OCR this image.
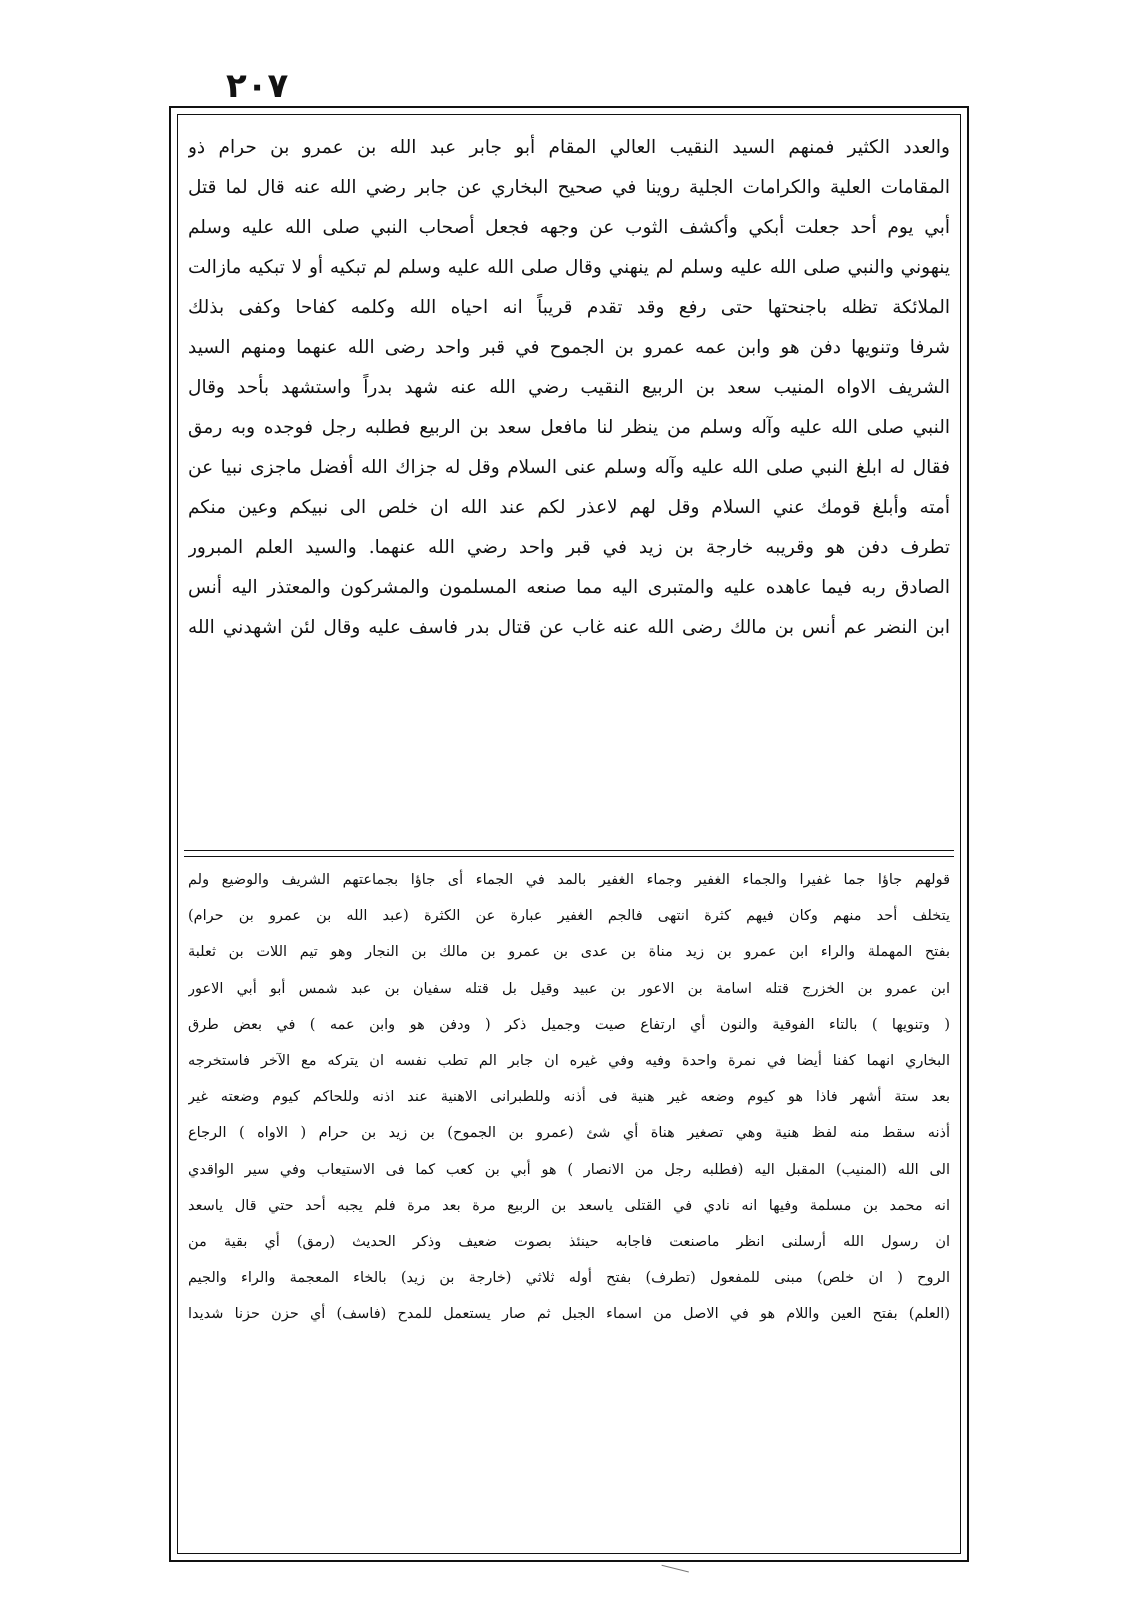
٢٠٧
والعدد الكثير فمنهم السيد النقيب العالي المقام أبو جابر عبد الله بن عمرو بن حرام ذو
المقامات العلية والكرامات الجلية روينا في صحيح البخاري عن جابر رضي الله عنه قال لما قتل
أبي يوم أحد جعلت أبكي وأكشف الثوب عن وجهه فجعل أصحاب النبي صلى الله عليه وسلم
ينهوني والنبي صلى الله عليه وسلم لم ينهني وقال صلى الله عليه وسلم لم تبكيه أو لا تبكيه مازالت
الملائكة تظله باجنحتها حتى رفع وقد تقدم قريباً انه احياه الله وكلمه كفاحا وكفى بذلك
شرفا وتنويها دفن هو وابن عمه عمرو بن الجموح في قبر واحد رضى الله عنهما ومنهم السيد
الشريف الاواه المنيب سعد بن الربيع النقيب رضي الله عنه شهد بدراً واستشهد بأحد وقال
النبي صلى الله عليه وآله وسلم من ينظر لنا مافعل سعد بن الربيع فطلبه رجل فوجده وبه رمق
فقال له ابلغ النبي صلى الله عليه وآله وسلم عنى السلام وقل له جزاك الله أفضل ماجزى نبيا عن
أمته وأبلغ قومك عني السلام وقل لهم لاعذر لكم عند الله ان خلص الى نبيكم وعين منكم
تطرف دفن هو وقريبه خارجة بن زيد في قبر واحد رضي الله عنهما. والسيد العلم المبرور
الصادق ربه فيما عاهده عليه والمتبرى اليه مما صنعه المسلمون والمشركون والمعتذر اليه أنس
ابن النضر عم أنس بن مالك رضى الله عنه غاب عن قتال بدر فاسف عليه وقال لئن اشهدني الله
قولهم جاؤا جما غفيرا والجماء الغفير وجماء الغفير بالمد في الجماء أى جاؤا بجماعتهم الشريف والوضيع ولم
يتخلف أحد منهم وكان فيهم كثرة انتهى فالجم الغفير عبارة عن الكثرة (عبد الله بن عمرو بن حرام)
بفتح المهملة والراء ابن عمرو بن زيد مناة بن عدى بن عمرو بن مالك بن النجار وهو تيم اللات بن ثعلبة
ابن عمرو بن الخزرج قتله اسامة بن الاعور بن عبيد وقيل بل قتله سفيان بن عبد شمس أبو أبي الاعور
( وتنويها ) بالتاء الفوقية والنون أي ارتفاع صيت وجميل ذكر ( ودفن هو وابن عمه ) في بعض طرق
البخاري انهما كفنا أيضا في نمرة واحدة وفيه وفي غيره ان جابر الم تطب نفسه ان يتركه مع الآخر فاستخرجه
بعد ستة أشهر فاذا هو كيوم وضعه غير هنية فى أذنه وللطبرانى الاهنية عند اذنه وللحاكم كيوم وضعته غير
أذنه سقط منه لفظ هنية وهي تصغير هناة أي شئ (عمرو بن الجموح) بن زيد بن حرام ( الاواه ) الرجاع
الى الله (المنيب) المقبل اليه (فطلبه رجل من الانصار ) هو أبي بن كعب كما فى الاستيعاب وفي سير الواقدي
انه محمد بن مسلمة وفيها انه نادي في القتلى ياسعد بن الربيع مرة بعد مرة فلم يجبه أحد حتي قال ياسعد
ان رسول الله أرسلنى انظر ماصنعت فاجابه حينئذ بصوت ضعيف وذكر الحديث (رمق) أي بقية من
الروح ( ان خلص) مبنى للمفعول (تطرف) بفتح أوله ثلاثي (خارجة بن زيد) بالخاء المعجمة والراء والجيم
(العلم) بفتح العين واللام هو في الاصل من اسماء الجبل ثم صار يستعمل للمدح (فاسف) أي حزن حزنا شديدا
